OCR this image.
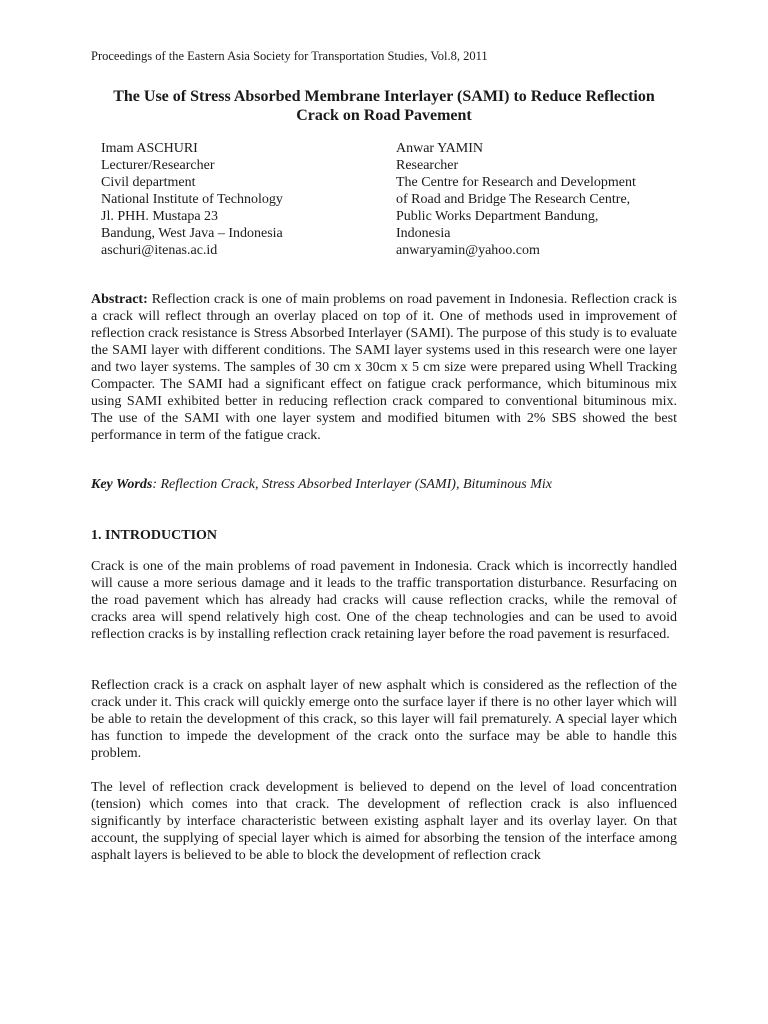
Proceedings of the Eastern Asia Society for Transportation Studies, Vol.8, 2011
The Use of Stress Absorbed Membrane Interlayer (SAMI) to Reduce Reflection Crack on Road Pavement
Imam ASCHURI
Lecturer/Researcher
Civil department
National Institute of Technology
Jl. PHH. Mustapa 23
Bandung, West Java – Indonesia
aschuri@itenas.ac.id
Anwar YAMIN
Researcher
The Centre for Research and Development
of Road and Bridge The Research Centre,
Public Works Department Bandung,
Indonesia
anwaryamin@yahoo.com

Abstract: Reflection crack is one of main problems on road pavement in Indonesia. Reflection crack is a crack will reflect through an overlay placed on top of it. One of methods used in improvement of reflection crack resistance is Stress Absorbed Interlayer (SAMI). The purpose of this study is to evaluate the SAMI layer with different conditions. The SAMI layer systems used in this research were one layer and two layer systems. The samples of 30 cm x 30cm x 5 cm size were prepared using Whell Tracking Compacter. The SAMI had a significant effect on fatigue crack performance, which bituminous mix using SAMI exhibited better in reducing reflection crack compared to conventional bituminous mix. The use of the SAMI with one layer system and modified bitumen with 2% SBS showed the best performance in term of the fatigue crack.

Key Words: Reflection Crack, Stress Absorbed Interlayer (SAMI), Bituminous Mix
1. INTRODUCTION

Crack is one of the main problems of road pavement in Indonesia. Crack which is incorrectly handled will cause a more serious damage and it leads to the traffic transportation disturbance. Resurfacing on the road pavement which has already had cracks will cause reflection cracks, while the removal of cracks area will spend relatively high cost. One of the cheap technologies and can be used to avoid reflection cracks is by installing reflection crack retaining layer before the road pavement is resurfaced.

Reflection crack is a crack on asphalt layer of new asphalt which is considered as the reflection of the crack under it. This crack will quickly emerge onto the surface layer if there is no other layer which will be able to retain the development of this crack, so this layer will fail prematurely. A special layer which has function to impede the development of the crack onto the surface may be able to handle this problem.

The level of reflection crack development is believed to depend on the level of load concentration (tension) which comes into that crack. The development of reflection crack is also influenced significantly by interface characteristic between existing asphalt layer and its overlay layer. On that account, the supplying of special layer which is aimed for absorbing the tension of the interface among asphalt layers is believed to be able to block the development of reflection crack
